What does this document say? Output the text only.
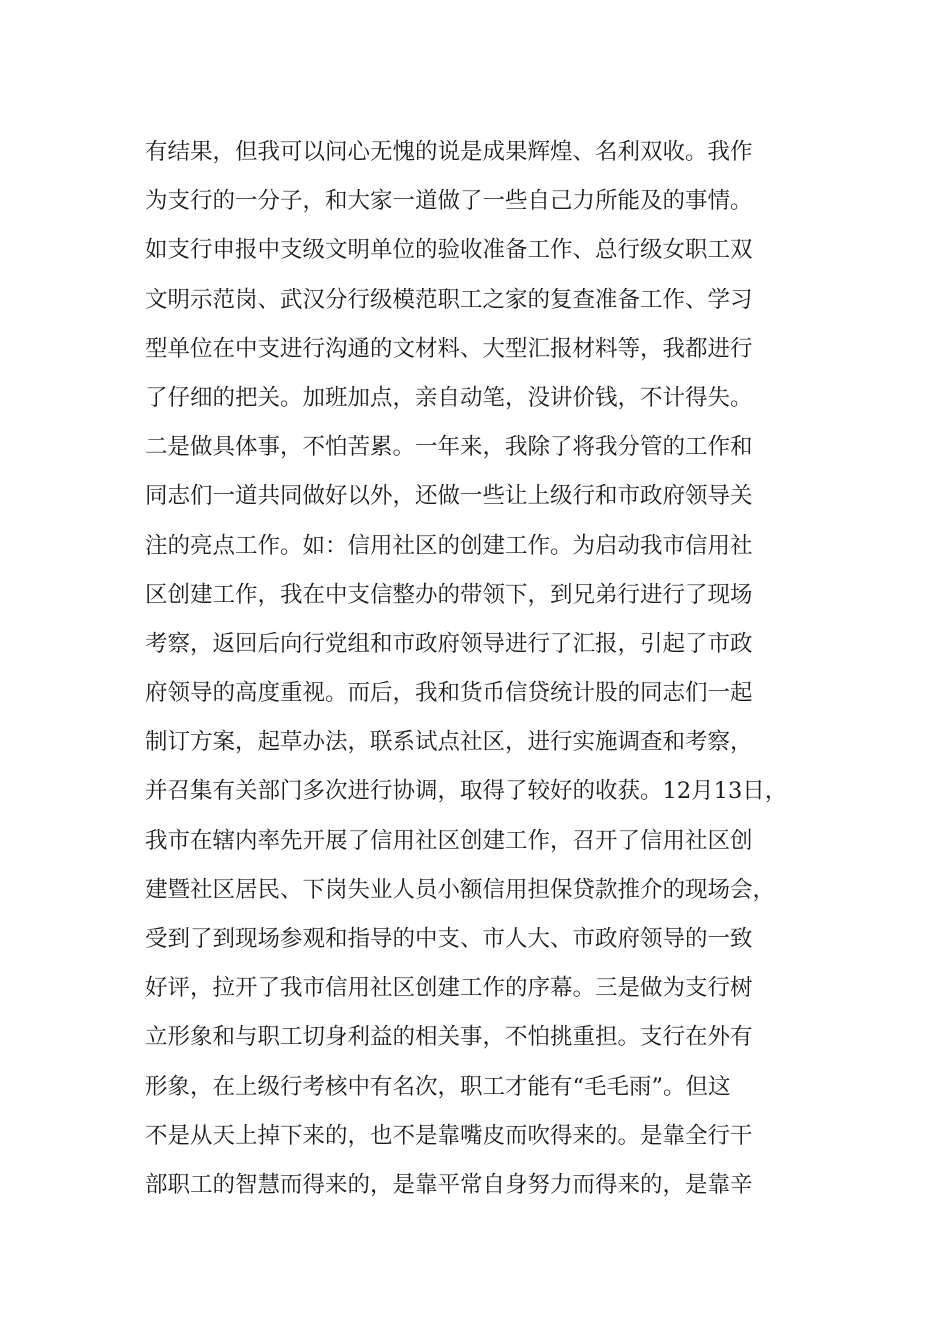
有结果，但我可以问心无愧的说是成果辉煌、名利双收。我作
为支行的一分子，和大家一道做了一些自己力所能及的事情。
如支行申报中支级文明单位的验收准备工作、总行级女职工双
文明示范岗、武汉分行级模范职工之家的复查准备工作、学习
型单位在中支进行沟通的文材料、大型汇报材料等，我都进行
了仔细的把关。加班加点，亲自动笔，没讲价钱，不计得失。
二是做具体事，不怕苦累。一年来，我除了将我分管的工作和
同志们一道共同做好以外，还做一些让上级行和市政府领导关
注的亮点工作。如：信用社区的创建工作。为启动我市信用社
区创建工作，我在中支信整办的带领下，到兄弟行进行了现场
考察，返回后向行党组和市政府领导进行了汇报，引起了市政
府领导的高度重视。而后，我和货币信贷统计股的同志们一起
制订方案，起草办法，联系试点社区，进行实施调查和考察，
并召集有关部门多次进行协调，取得了较好的收获。12月13日，
我市在辖内率先开展了信用社区创建工作，召开了信用社区创
建暨社区居民、下岗失业人员小额信用担保贷款推介的现场会，
受到了到现场参观和指导的中支、市人大、市政府领导的一致
好评，拉开了我市信用社区创建工作的序幕。三是做为支行树
立形象和与职工切身利益的相关事，不怕挑重担。支行在外有
形象，在上级行考核中有名次，职工才能有“毛毛雨”。但这
不是从天上掉下来的，也不是靠嘴皮而吹得来的。是靠全行干
部职工的智慧而得来的，是靠平常自身努力而得来的，是靠辛
